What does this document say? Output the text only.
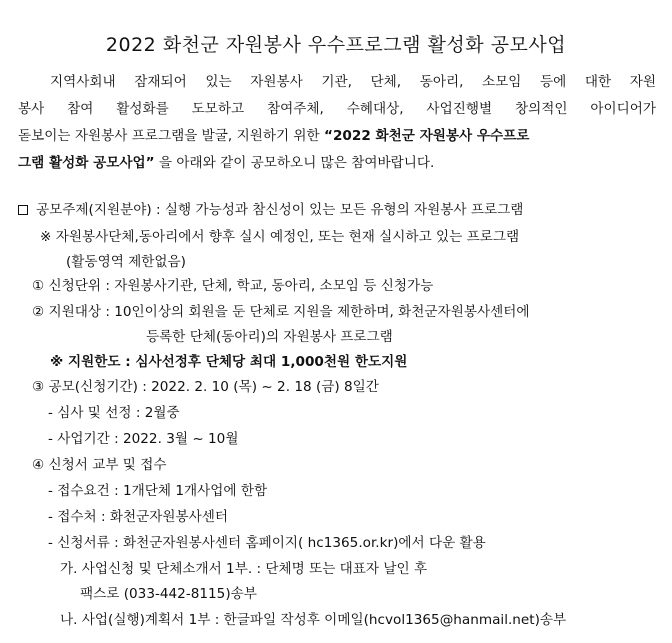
2022 화천군 자원봉사 우수프로그램 활성화 공모사업
지역사회내 잠재되어 있는 자원봉사 기관, 단체, 동아리, 소모임 등에 대한 자원
봉사 참여 활성화를 도모하고 참여주체, 수혜대상, 사업진행별 창의적인 아이디어가
돋보이는 자원봉사 프로그램을 발굴, 지원하기 위한 “2022 화천군 자원봉사 우수프로
그램 활성화 공모사업” 을 아래와 같이 공모하오니 많은 참여바랍니다.
공모주제(지원분야) : 실행 가능성과 참신성이 있는 모든 유형의 자원봉사 프로그램
※ 자원봉사단체,동아리에서 향후 실시 예정인, 또는 현재 실시하고 있는 프로그램
(활동영역 제한없음)
① 신청단위 : 자원봉사기관, 단체, 학교, 동아리, 소모임 등 신청가능
② 지원대상 : 10인이상의 회원을 둔 단체로 지원을 제한하며, 화천군자원봉사센터에
등록한 단체(동아리)의 자원봉사 프로그램
※ 지원한도 : 심사선정후 단체당 최대 1,000천원 한도지원
③ 공모(신청기간) : 2022. 2. 10 (목) ~ 2. 18 (금) 8일간
- 심사 및 선정 : 2월중
- 사업기간 : 2022. 3월 ~ 10월
④ 신청서 교부 및 접수
- 접수요건 : 1개단체 1개사업에 한함
- 접수처 : 화천군자원봉사센터
- 신청서류 : 화천군자원봉사센터 홈페이지( hc1365.or.kr)에서 다운 활용
가. 사업신청 및 단체소개서 1부. : 단체명 또는 대표자 날인 후
팩스로 (033-442-8115)송부
나. 사업(실행)계획서 1부 : 한글파일 작성후 이메일(hcvol1365@hanmail.net)송부
